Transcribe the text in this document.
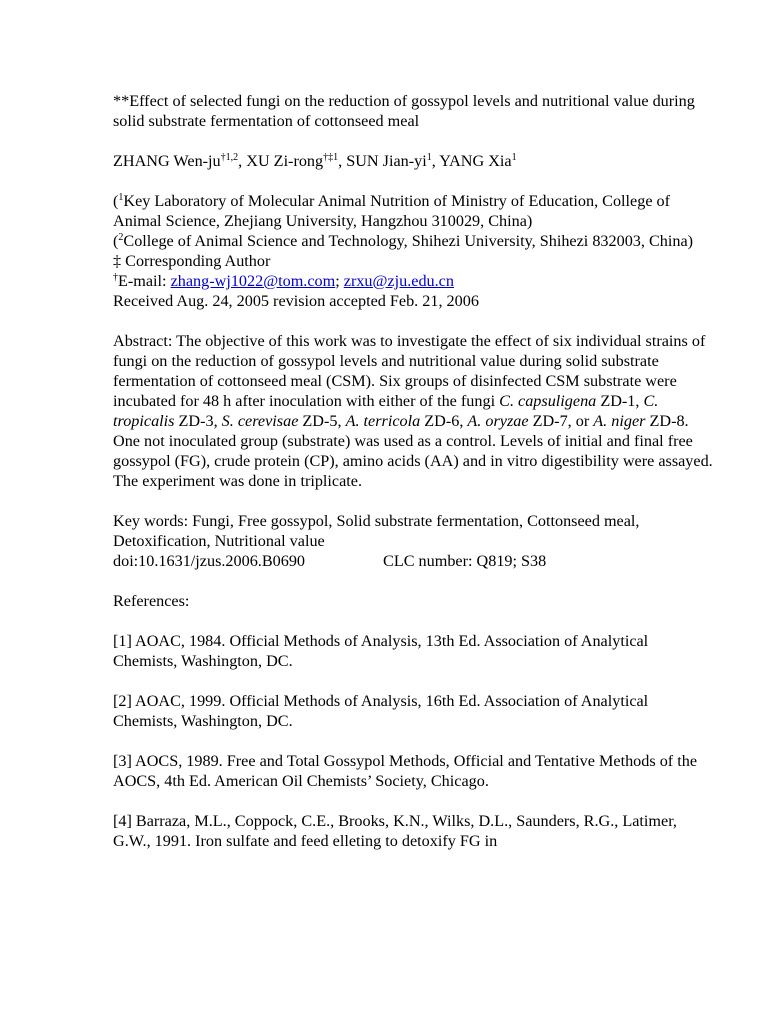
**Effect of selected fungi on the reduction of gossypol levels and nutritional value during solid substrate fermentation of cottonseed meal

ZHANG Wen-ju$^{\dagger 1,2}$, XU Zi-rong$^{\dagger\ddagger 1}$, SUN Jian-$yi^1$, YANG Xia$^1$

($^1$Key Laboratory of Molecular Animal Nutrition of Ministry of Education, College of Animal Science, Zhejiang University, Hangzhou 310029, China)

($^2$College of Animal Science and Technology, Shihezi University, Shihezi 832003, China)

‡ Corresponding Author

†E-mail: zhang-wj1022@tom.com; zrxu@zju.edu.cn

Received Aug. 24, 2005 revision accepted Feb. 21, 2006

Abstract: The objective of this work was to investigate the effect of six individual strains of fungi on the reduction of gossypol levels and nutritional value during solid substrate fermentation of cottonseed meal (CSM). Six groups of disinfected CSM substrate were incubated for 48 h after inoculation with either of the fungi C. capsuligena ZD-1, C. tropicalis ZD-3, S. cerevisae ZD-5, A. terricola ZD-6, A. oryzae ZD-7, or A. niger ZD-8. One not inoculated group (substrate) was used as a control. Levels of initial and final free gossypol (FG), crude protein (CP), amino acids (AA) and in vitro digestibility were assayed. The experiment was done in triplicate.

Key words: Fungi, Free gossypol, Solid substrate fermentation, Cottonseed meal, Detoxification, Nutritional value

doi:10.1631/jzus.2006.B0690	CLC number: Q819; S38

References:

[1] AOAC, 1984. Official Methods of Analysis, 13th Ed. Association of Analytical Chemists, Washington, DC.

[2] AOAC, 1999. Official Methods of Analysis, 16th Ed. Association of Analytical Chemists, Washington, DC.

[3] AOCS, 1989. Free and Total Gossypol Methods, Official and Tentative Methods of the AOCS, 4th Ed. American Oil Chemists’ Society, Chicago.

[4] Barraza, M.L., Coppock, C.E., Brooks, K.N., Wilks, D.L., Saunders, R.G., Latimer, G.W., 1991. Iron sulfate and feed elleting to detoxify FG in
